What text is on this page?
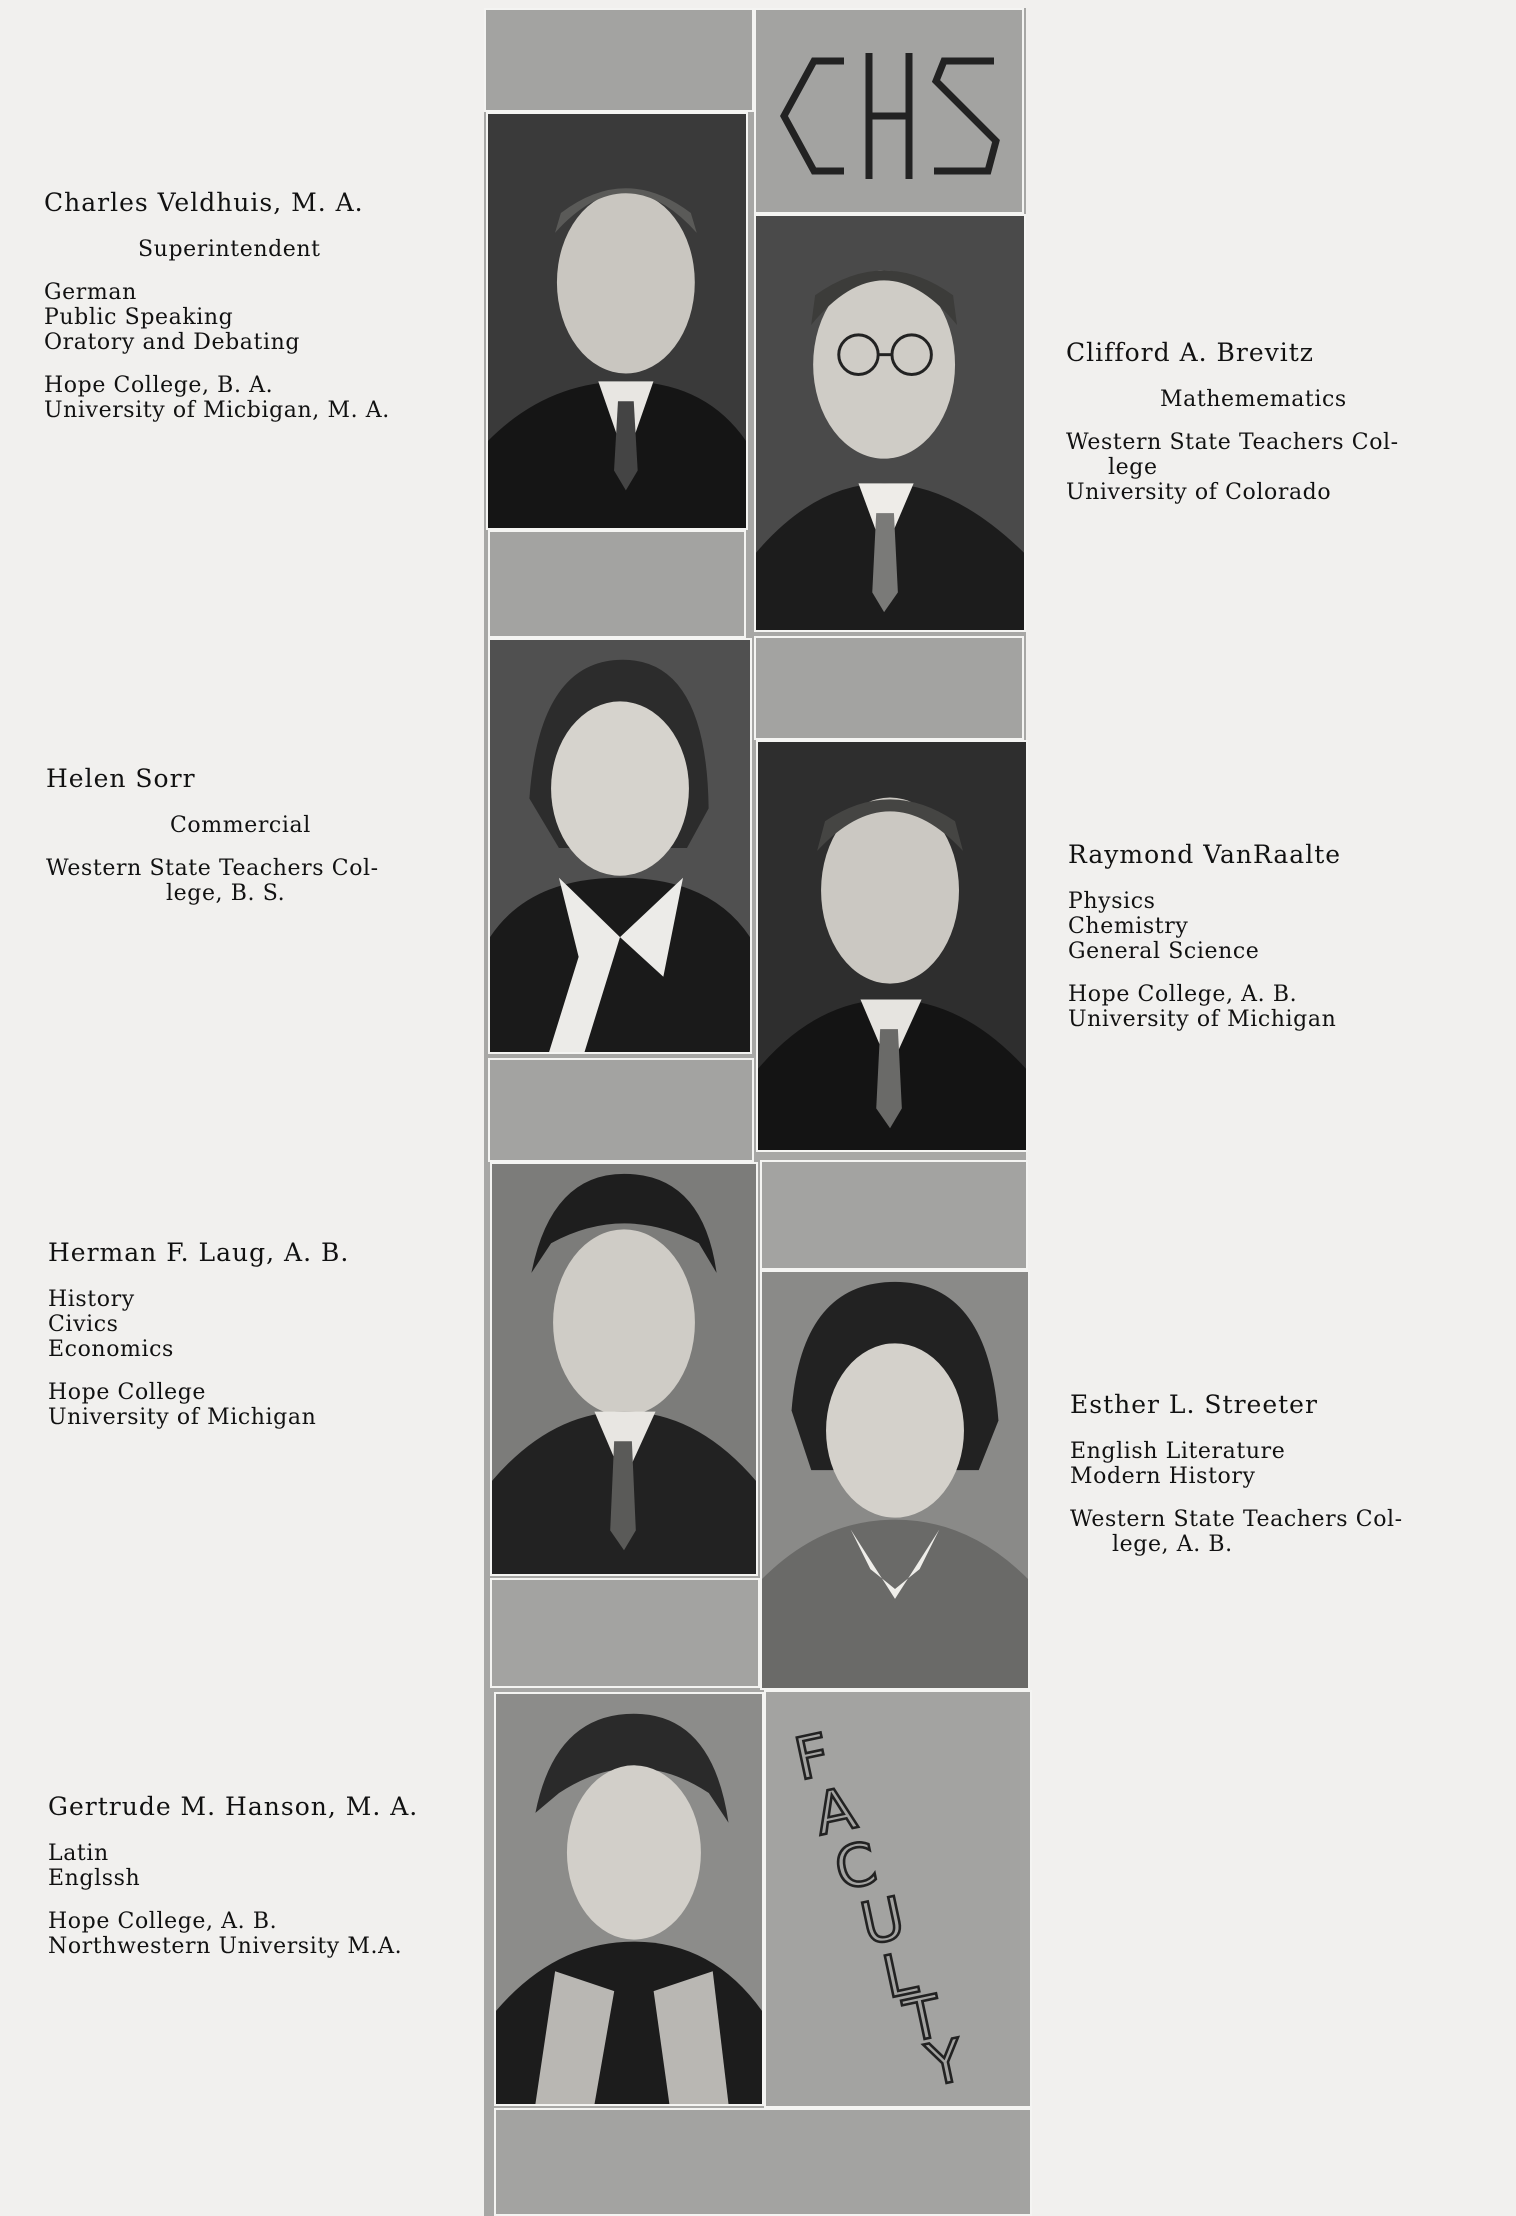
F
A
C
U
L
T
Y
Charles Veldhuis, M. A.
Superintendent
German
Public Speaking
Oratory and Debating
Hope College, B. A.
University of Micbigan, M. A.
Clifford A. Brevitz
Mathemematics
Western State Teachers Col-
lege
University of Colorado
Helen Sorr
Commercial
Western State Teachers Col-
lege, B. S.
Raymond VanRaalte
Physics
Chemistry
General Science
Hope College, A. B.
University of Michigan
Herman F. Laug, A. B.
History
Civics
Economics
Hope College
University of Michigan	Esther L. Streeter
English Literature
Modern History
Western State Teachers Col-
lege, A. B.
Gertrude M. Hanson, M. A.
Latin
Englssh
Hope College, A. B.
Northwestern University M.A.
